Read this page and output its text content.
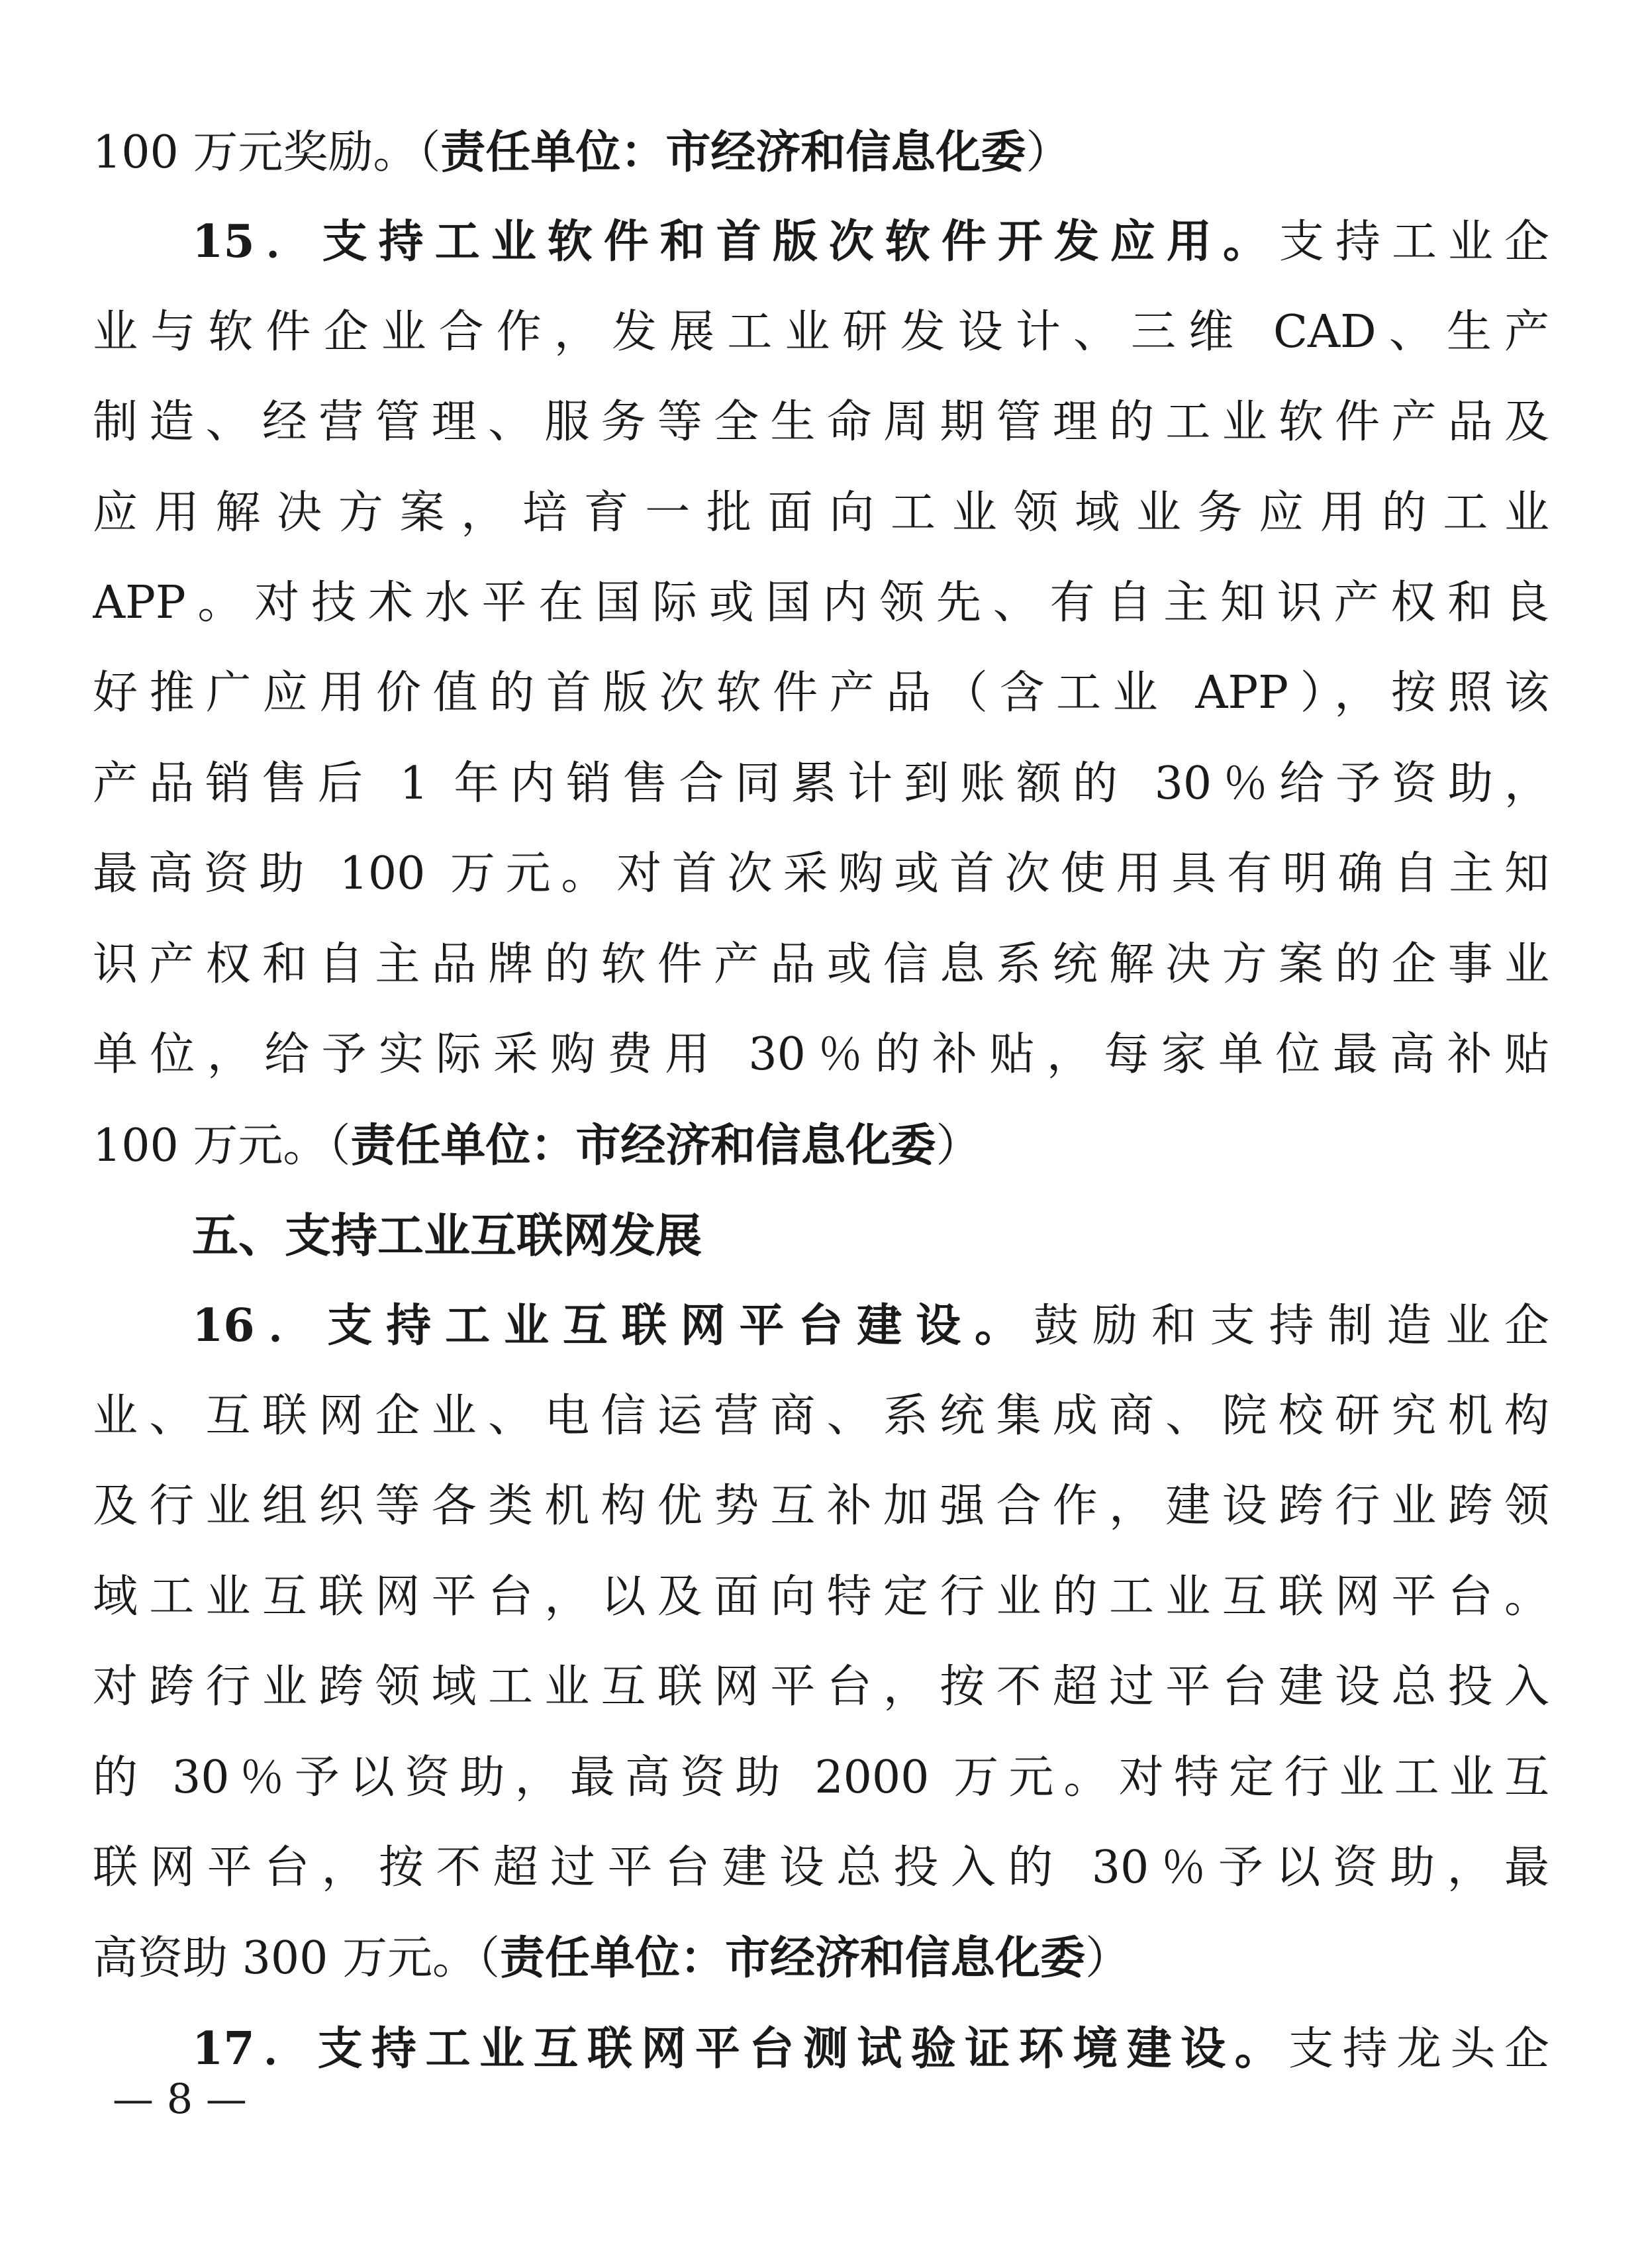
100 万元奖励。（责任单位：市经济和信息化委）
15．支持工业软件和首版次软件开发应用。支持工业企
业与软件企业合作，发展工业研发设计、三维 CAD、生产
制造、经营管理、服务等全生命周期管理的工业软件产品及
应用解决方案，培育一批面向工业领域业务应用的工业
APP。对技术水平在国际或国内领先、有自主知识产权和良
好推广应用价值的首版次软件产品（含工业 APP），按照该
产品销售后 1 年内销售合同累计到账额的 30％给予资助，
最高资助 100 万元。对首次采购或首次使用具有明确自主知
识产权和自主品牌的软件产品或信息系统解决方案的企事业
单位，给予实际采购费用 30％的补贴，每家单位最高补贴
100 万元。（责任单位：市经济和信息化委）
五、支持工业互联网发展
16．支持工业互联网平台建设。鼓励和支持制造业企
业、互联网企业、电信运营商、系统集成商、院校研究机构
及行业组织等各类机构优势互补加强合作，建设跨行业跨领
域工业互联网平台，以及面向特定行业的工业互联网平台。
对跨行业跨领域工业互联网平台，按不超过平台建设总投入
的 30％予以资助，最高资助 2000 万元。对特定行业工业互
联网平台，按不超过平台建设总投入的 30％予以资助，最
高资助 300 万元。（责任单位：市经济和信息化委）
17．支持工业互联网平台测试验证环境建设。支持龙头企
— 8 —
